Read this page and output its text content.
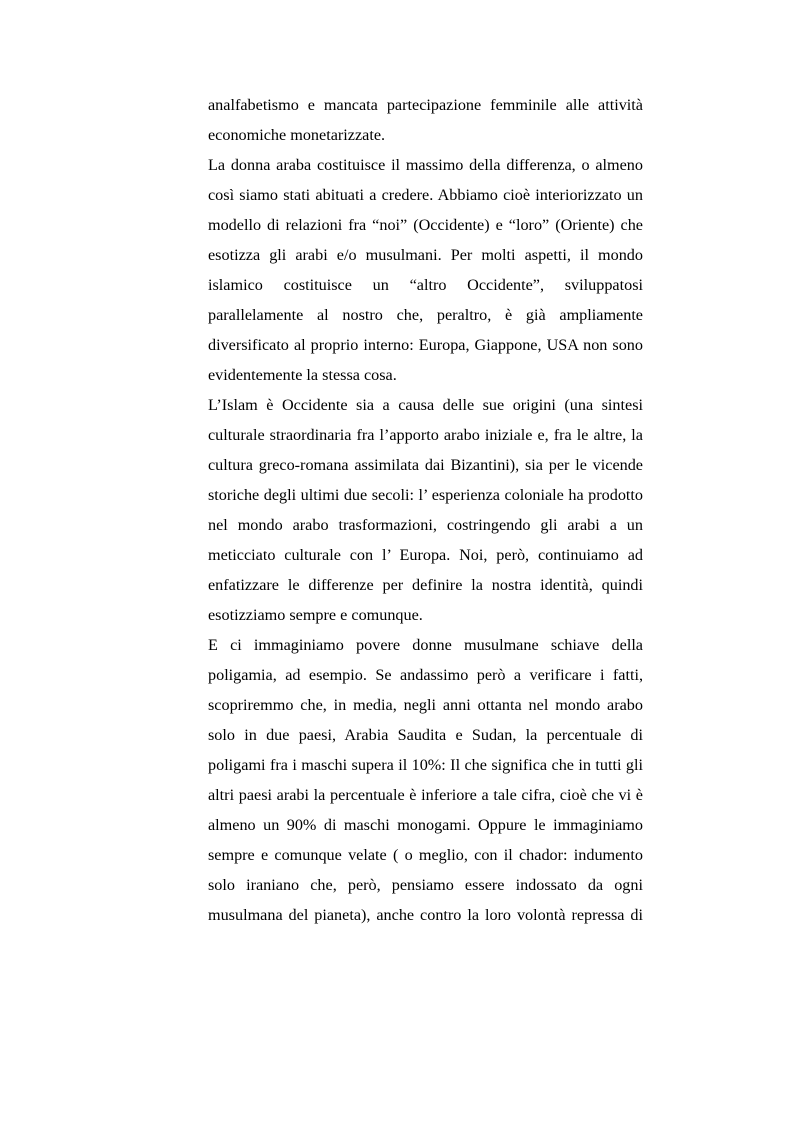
analfabetismo e mancata partecipazione femminile alle attività economiche monetarizzate.

La donna araba costituisce il massimo della differenza, o almeno così siamo stati abituati a credere. Abbiamo cioè interiorizzato un modello di relazioni fra “noi” (Occidente) e “loro” (Oriente) che esotizza gli arabi e/o musulmani. Per molti aspetti, il mondo islamico costituisce un “altro Occidente”, sviluppatosi parallelamente al nostro che, peraltro, è già ampliamente diversificato al proprio interno: Europa, Giappone, USA non sono evidentemente la stessa cosa.

L’Islam è Occidente sia a causa delle sue origini (una sintesi culturale straordinaria fra l’apporto arabo iniziale e, fra le altre, la cultura greco-romana assimilata dai Bizantini), sia per le vicende storiche degli ultimi due secoli: l’ esperienza coloniale ha prodotto nel mondo arabo trasformazioni, costringendo gli arabi a un meticciato culturale con l’ Europa. Noi, però, continuiamo ad enfatizzare le differenze per definire la nostra identità, quindi esotizziamo sempre e comunque.

E ci immaginiamo povere donne musulmane schiave della poligamia, ad esempio. Se andassimo però a verificare i fatti, scopriremmo che, in media, negli anni ottanta nel mondo arabo solo in due paesi, Arabia Saudita e Sudan, la percentuale di poligami fra i maschi supera il 10%: Il che significa che in tutti gli altri paesi arabi la percentuale è inferiore a tale cifra, cioè che vi è almeno un 90% di maschi monogami. Oppure le immaginiamo sempre e comunque velate ( o meglio, con il chador: indumento solo iraniano che, però, pensiamo essere indossato da ogni musulmana del pianeta), anche contro la loro volontà repressa di
